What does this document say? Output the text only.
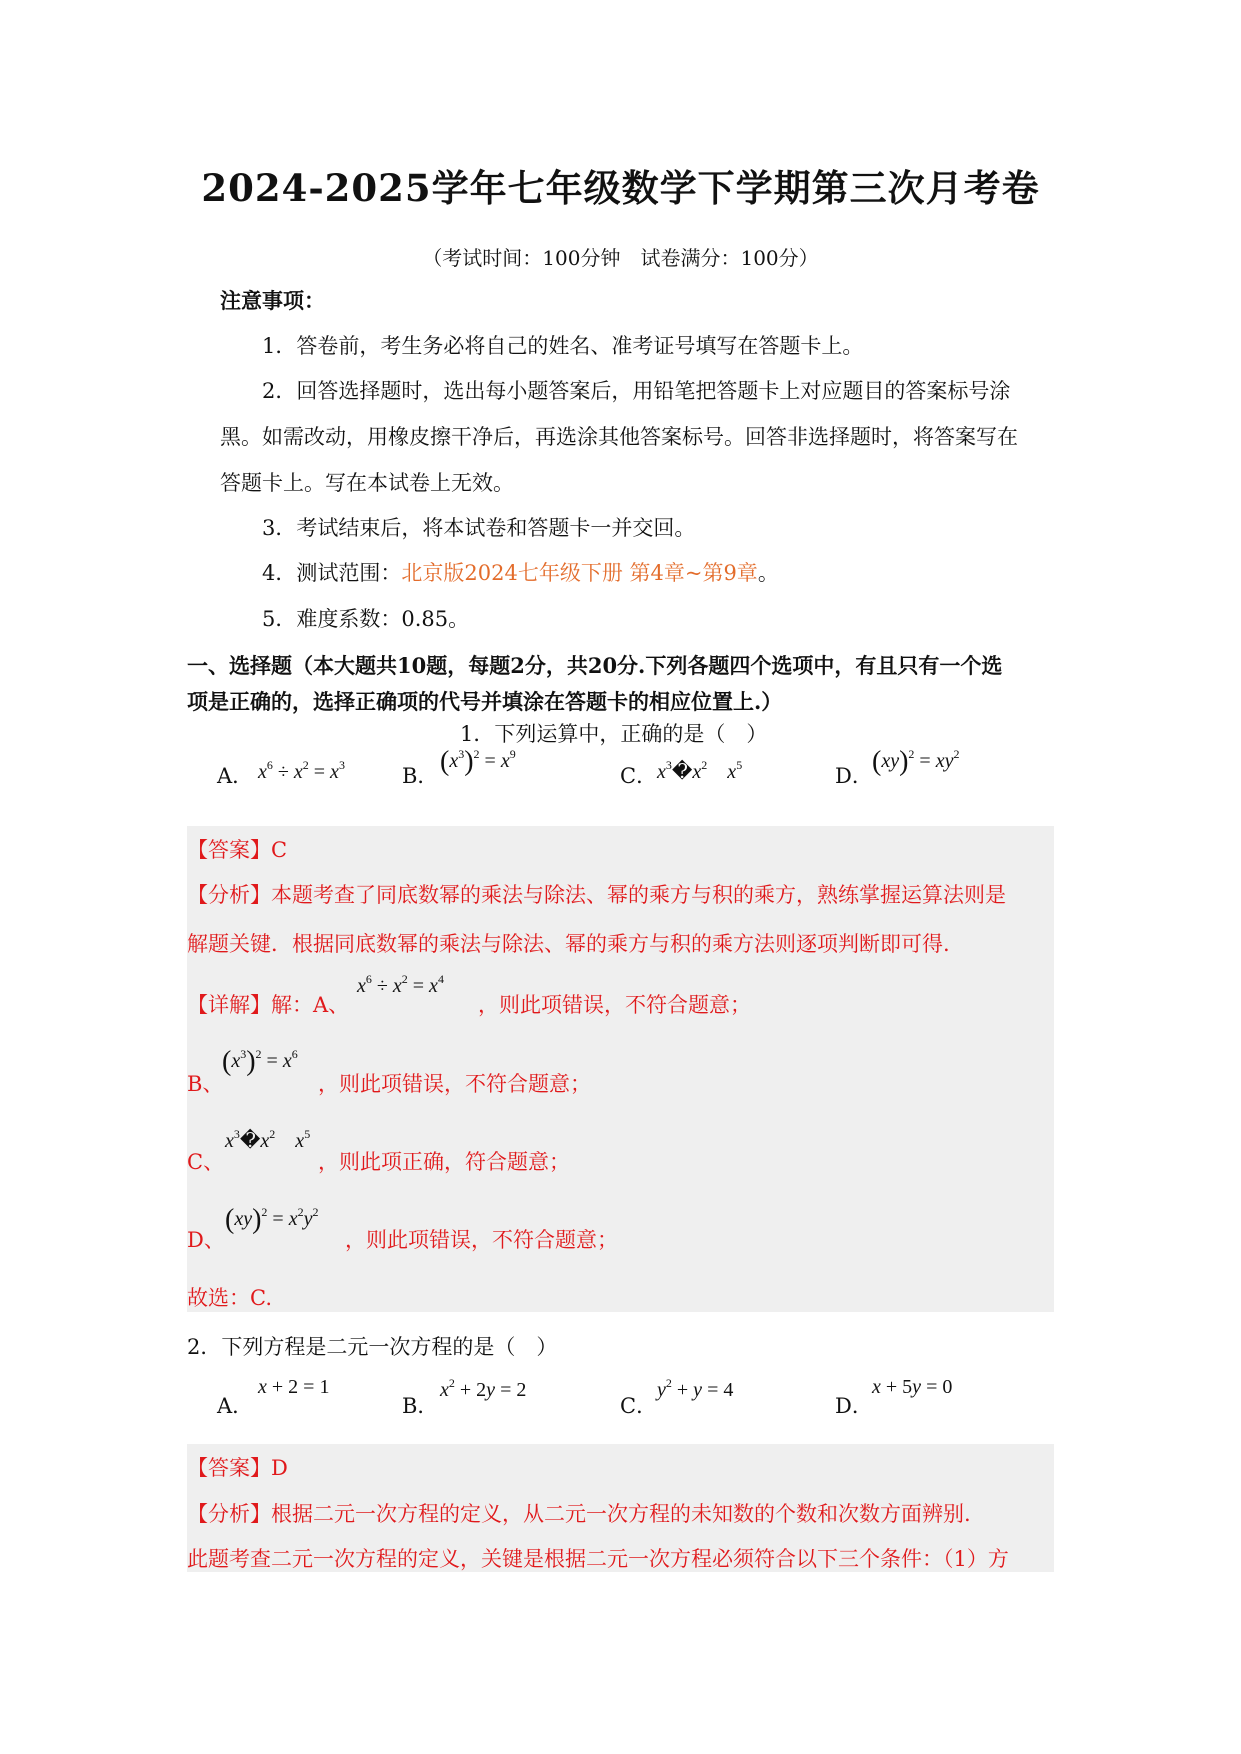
2024-2025学年七年级数学下学期第三次月考卷
（考试时间：100分钟　试卷满分：100分）
注意事项：
1．答卷前，考生务必将自己的姓名、准考证号填写在答题卡上。
2．回答选择题时，选出每小题答案后，用铅笔把答题卡上对应题目的答案标号涂
黑。如需改动，用橡皮擦干净后，再选涂其他答案标号。回答非选择题时，将答案写在
答题卡上。写在本试卷上无效。
3．考试结束后，将本试卷和答题卡一并交回。
4．测试范围：北京版2024七年级下册 第4章~第9章。
5．难度系数：0.85。
一、选择题（本大题共10题，每题2分，共20分.下列各题四个选项中，有且只有一个选
项是正确的，选择正确项的代号并填涂在答题卡的相应位置上.）
1．下列运算中，正确的是（　）
A． $x^6 \div x^2 = x^3$	B． $(x^3)^2 = x^9$
C． $x^3�x^2$    $x^5$	D． $(xy)^2 = xy^2$
【答案】C
【分析】本题考查了同底数幂的乘法与除法、幂的乘方与积的乘方，熟练掌握运算法则是
解题关键．根据同底数幂的乘法与除法、幂的乘方与积的乘方法则逐项判断即可得.
【详解】解：A、
$x^6 \div x^2 = x^4$
，则此项错误，不符合题意；
B、
$(x^3)^2 = x^6$
，则此项错误，不符合题意；
C、
$x^3�x^2$    $x^5$
，则此项正确，符合题意；
D、
$(xy)^2 = x^2y^2$
，则此项错误，不符合题意；
故选：C.
2．下列方程是二元一次方程的是（　）
A．
x + 2 = 1
B．
$x^2 + 2y = 2$
C．
$y^2 + y = 4$
D．
x + 5y = 0
【答案】D
【分析】根据二元一次方程的定义，从二元一次方程的未知数的个数和次数方面辨别.
此题考查二元一次方程的定义，关键是根据二元一次方程必须符合以下三个条件：（1）方
